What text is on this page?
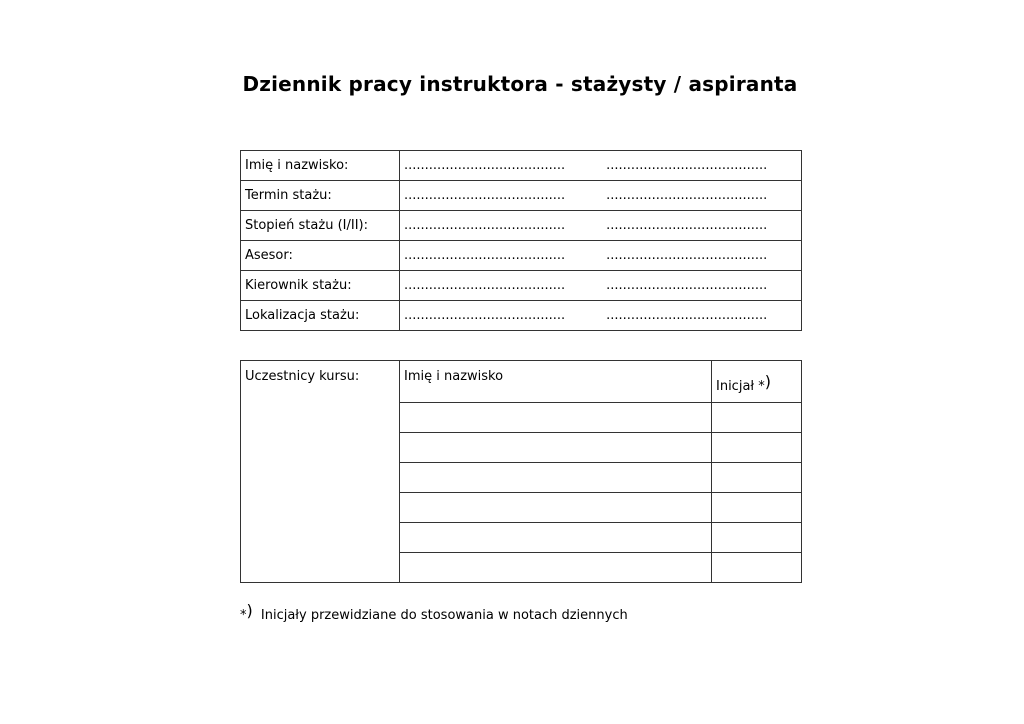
Dziennik pracy instruktora - stażysty / aspiranta
Imię i nazwisko:	....................................... .......................................
Termin stażu:	....................................... .......................................
Stopień stażu (I/II):	....................................... .......................................
Asesor:	....................................... .......................................
Kierownik stażu:	....................................... .......................................
Lokalizacja stażu:	....................................... .......................................
Uczestnicy kursu:	Imię i nazwisko	Inicjał *)

*) Inicjały przewidziane do stosowania w notach dziennych
